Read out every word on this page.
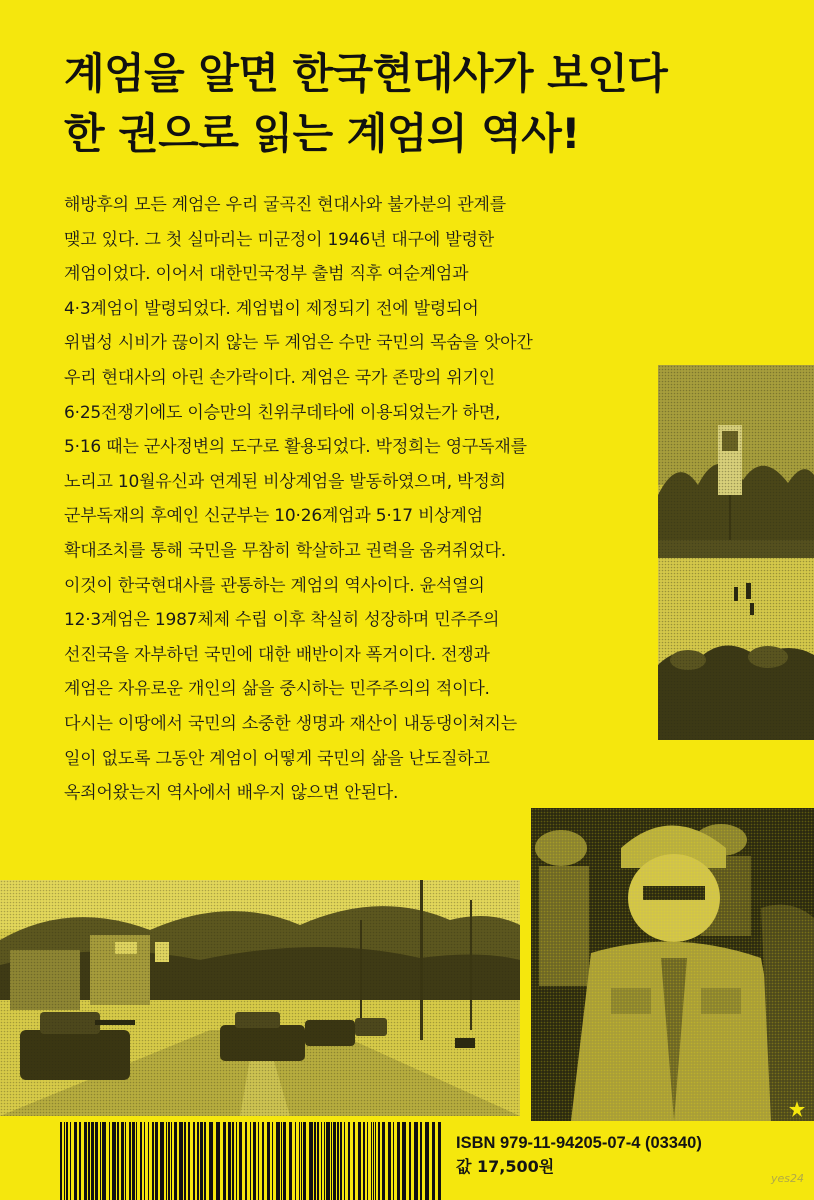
계엄을 알면 한국현대사가 보인다
한 권으로 읽는 계엄의 역사!
해방후의 모든 계엄은 우리 굴곡진 현대사와 불가분의 관계를
맺고 있다. 그 첫 실마리는 미군정이 1946년 대구에 발령한
계엄이었다. 이어서 대한민국정부 출범 직후 여순계엄과
4·3계엄이 발령되었다. 계엄법이 제정되기 전에 발령되어
위법성 시비가 끊이지 않는 두 계엄은 수만 국민의 목숨을 앗아간
우리 현대사의 아린 손가락이다. 계엄은 국가 존망의 위기인
6·25전쟁기에도 이승만의 친위쿠데타에 이용되었는가 하면,
5·16 때는 군사정변의 도구로 활용되었다. 박정희는 영구독재를
노리고 10월유신과 연계된 비상계엄을 발동하였으며, 박정희
군부독재의 후예인 신군부는 10·26계엄과 5·17 비상계엄
확대조치를 통해 국민을 무참히 학살하고 권력을 움켜쥐었다.
이것이 한국현대사를 관통하는 계엄의 역사이다. 윤석열의
12·3계엄은 1987체제 수립 이후 착실히 성장하며 민주주의
선진국을 자부하던 국민에 대한 배반이자 폭거이다. 전쟁과
계엄은 자유로운 개인의 삶을 중시하는 민주주의의 적이다.
다시는 이땅에서 국민의 소중한 생명과 재산이 내동댕이쳐지는
일이 없도록 그동안 계엄이 어떻게 국민의 삶을 난도질하고
옥죄어왔는지 역사에서 배우지 않으면 안된다.
ISBN 979-11-94205-07-4 (03340)
값 17,500원
yes24
